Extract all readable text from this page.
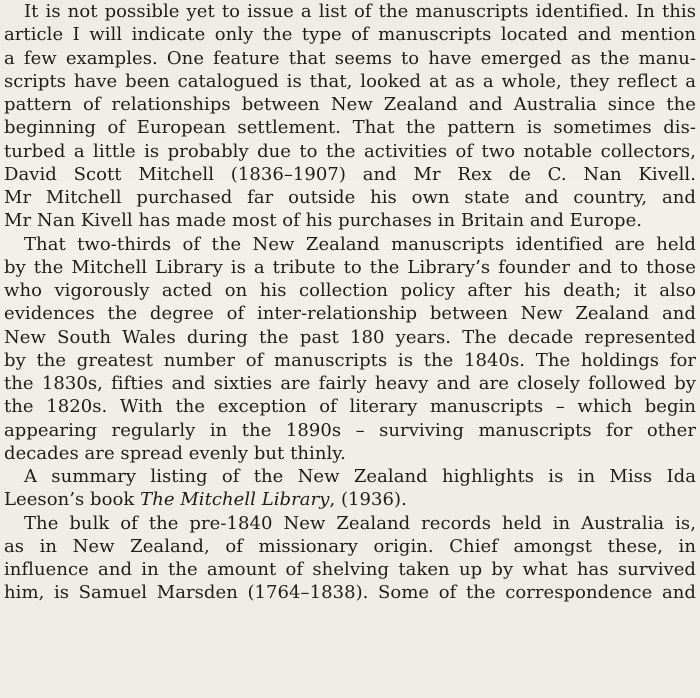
It is not possible yet to issue a list of the manuscripts identified. In this
article I will indicate only the type of manuscripts located and mention
a few examples. One feature that seems to have emerged as the manu-
scripts have been catalogued is that, looked at as a whole, they reflect a
pattern of relationships between New Zealand and Australia since the
beginning of European settlement. That the pattern is sometimes dis-
turbed a little is probably due to the activities of two notable collectors,
David Scott Mitchell (1836–1907) and Mr Rex de C. Nan Kivell.
Mr Mitchell purchased far outside his own state and country, and
Mr Nan Kivell has made most of his purchases in Britain and Europe.
That two-thirds of the New Zealand manuscripts identified are held
by the Mitchell Library is a tribute to the Library’s founder and to those
who vigorously acted on his collection policy after his death; it also
evidences the degree of inter-relationship between New Zealand and
New South Wales during the past 180 years. The decade represented
by the greatest number of manuscripts is the 1840s. The holdings for
the 1830s, fifties and sixties are fairly heavy and are closely followed by
the 1820s. With the exception of literary manuscripts – which begin
appearing regularly in the 1890s – surviving manuscripts for other
decades are spread evenly but thinly.
A summary listing of the New Zealand highlights is in Miss Ida
Leeson’s book The Mitchell Library, (1936).
The bulk of the pre-1840 New Zealand records held in Australia is,
as in New Zealand, of missionary origin. Chief amongst these, in
influence and in the amount of shelving taken up by what has survived
him, is Samuel Marsden (1764–1838). Some of the correspondence and
